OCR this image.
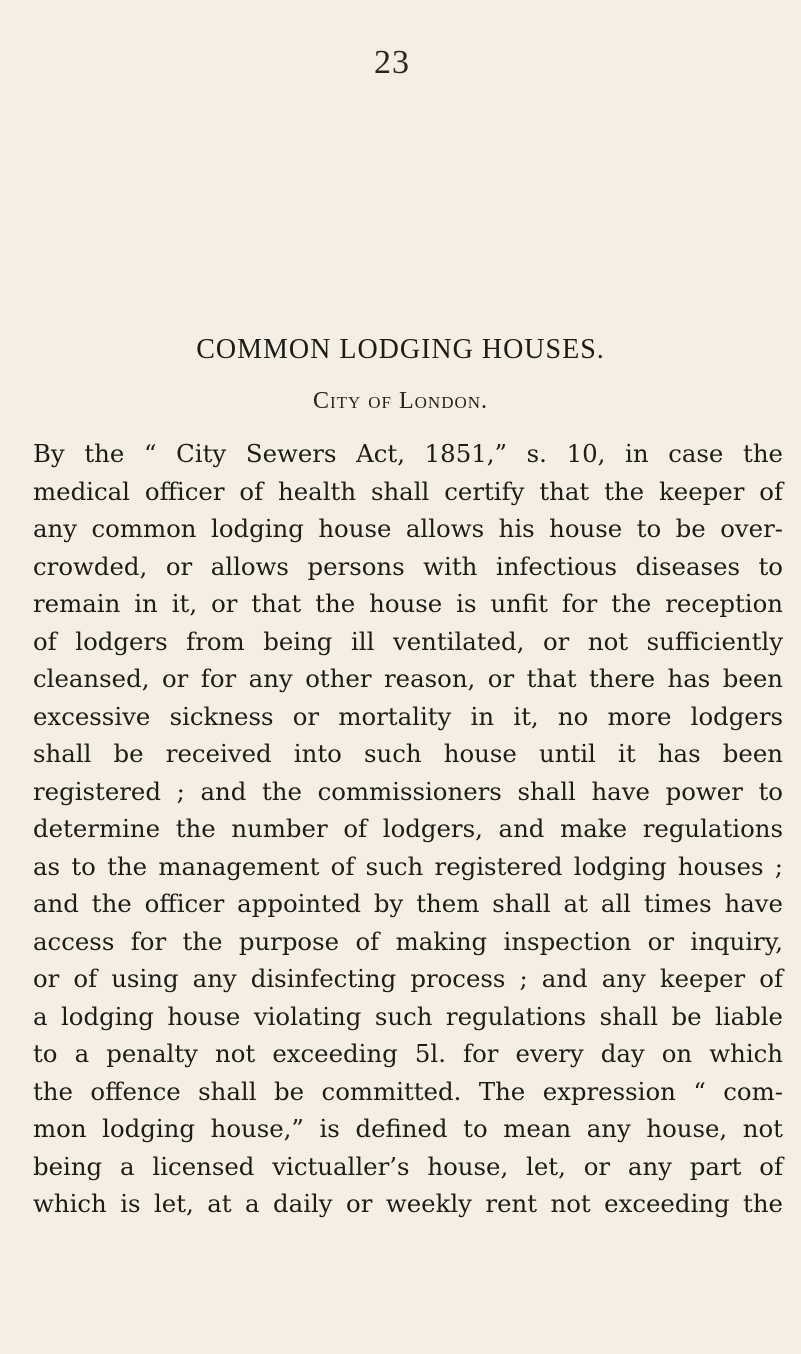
23
COMMON LODGING HOUSES.
City of London.
By the “ City Sewers Act, 1851,” s. 10, in case the
medical officer of health shall certify that the keeper of
any common lodging house allows his house to be over-
crowded, or allows persons with infectious diseases to
remain in it, or that the house is unfit for the reception
of lodgers from being ill ventilated, or not sufficiently
cleansed, or for any other reason, or that there has been
excessive sickness or mortality in it, no more lodgers
shall be received into such house until it has been
registered ; and the commissioners shall have power to
determine the number of lodgers, and make regulations
as to the management of such registered lodging houses ;
and the officer appointed by them shall at all times have
access for the purpose of making inspection or inquiry,
or of using any disinfecting process ; and any keeper of
a lodging house violating such regulations shall be liable
to a penalty not exceeding 5l. for every day on which
the offence shall be committed. The expression “ com-
mon lodging house,” is defined to mean any house, not
being a licensed victualler’s house, let, or any part of
which is let, at a daily or weekly rent not exceeding the
